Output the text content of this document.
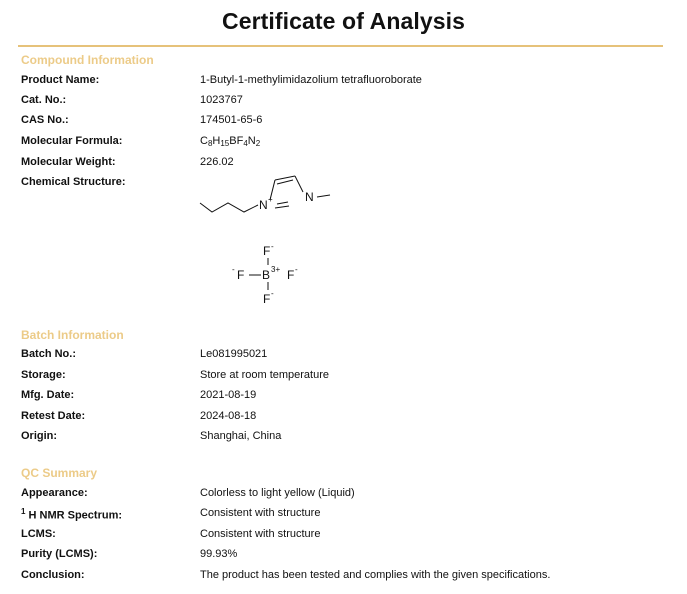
Certificate of Analysis
Compound Information
Product Name:	1-Butyl-1-methylimidazolium tetrafluoroborate
Cat. No.:	1023767
CAS No.:	174501-65-6
Molecular Formula:	$C_8H_{15}BF_4N_2$
Molecular Weight:	226.02
Chemical Structure:
N +	N
F -
- F B 3+ F -
F -
Batch Information
Batch No.:	Le081995021
Storage:	Store at room temperature
Mfg. Date:	2021-08-19
Retest Date:	2024-08-18
Origin:	Shanghai, China
QC Summary
Appearance:	Colorless to light yellow (Liquid)
$^1$ H NMR Spectrum:	Consistent with structure
LCMS:	Consistent with structure
Purity (LCMS):	99.93%
Conclusion:	The product has been tested and complies with the given specifications.
